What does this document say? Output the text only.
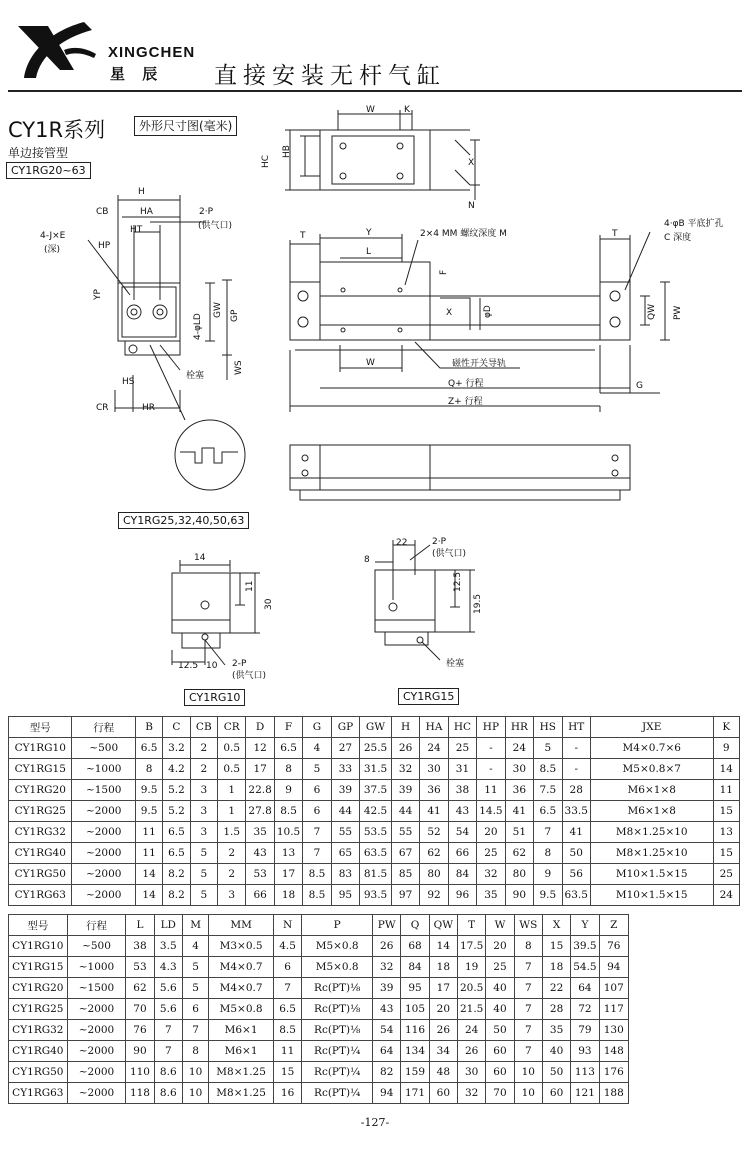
XINGCHEN
星 辰 直接安装无杆气缸
CY1R系列	外形尺寸图(毫米)
单边接管型
CY1RG20~63
H
CB	HA
HT
2·P
(供气口)
4-J×E
(深)	HP
YP
GW GP
4-φLD
WS
HS
CR	HR
栓塞
T	Y	2×4 MM 螺纹深度 M
L
F
X	φD
W
W	K
HC
HB
X
N
T
4·φB 平底扩孔
C 深度
QW PW
磁性开关导轨
Q+ 行程	G
Z+ 行程
14
11
30
12.5 10 2-P
(供气口)
22
8
12.5
19.5
2·P
(供气口)
栓塞
CY1RG25,32,40,50,63
CY1RG10	CY1RG15
型号	行程	B	C	CB	CR	D	F	G	GP	GW	H	HA	HC	HP	HR	HS	HT	JXE	K
CY1RG10	~500	6.5	3.2	2	0.5	12	6.5	4	27	25.5	26	24	25	-	24	5	-	M4×0.7×6	9
CY1RG15	~1000	8	4.2	2	0.5	17	8	5	33	31.5	32	30	31	-	30	8.5	-	M5×0.8×7	14
CY1RG20	~1500	9.5	5.2	3	1	22.8	9	6	39	37.5	39	36	38	11	36	7.5	28	M6×1×8	11
CY1RG25	~2000	9.5	5.2	3	1	27.8	8.5	6	44	42.5	44	41	43	14.5	41	6.5	33.5	M6×1×8	15
CY1RG32	~2000	11	6.5	3	1.5	35	10.5	7	55	53.5	55	52	54	20	51	7	41	M8×1.25×10	13
CY1RG40	~2000	11	6.5	5	2	43	13	7	65	63.5	67	62	66	25	62	8	50	M8×1.25×10	15
CY1RG50	~2000	14	8.2	5	2	53	17	8.5	83	81.5	85	80	84	32	80	9	56	M10×1.5×15	25
CY1RG63	~2000	14	8.2	5	3	66	18	8.5	95	93.5	97	92	96	35	90	9.5	63.5	M10×1.5×15	24
型号	行程	L	LD	M	MM	N	P	PW	Q	QW	T	W	WS	X	Y	Z
CY1RG10	~500	38	3.5	4	M3×0.5	4.5	M5×0.8	26	68	14	17.5	20	8	15	39.5	76
CY1RG15	~1000	53	4.3	5	M4×0.7	6	M5×0.8	32	84	18	19	25	7	18	54.5	94
CY1RG20	~1500	62	5.6	5	M4×0.7	7	Rc(PT)⅛	39	95	17	20.5	40	7	22	64	107
CY1RG25	~2000	70	5.6	6	M5×0.8	6.5	Rc(PT)⅛	43	105	20	21.5	40	7	28	72	117
CY1RG32	~2000	76	7	7	M6×1	8.5	Rc(PT)⅛	54	116	26	24	50	7	35	79	130
CY1RG40	~2000	90	7	8	M6×1	11	Rc(PT)¼	64	134	34	26	60	7	40	93	148
CY1RG50	~2000	110	8.6	10	M8×1.25	15	Rc(PT)¼	82	159	48	30	60	10	50	113	176
CY1RG63	~2000	118	8.6	10	M8×1.25	16	Rc(PT)¼	94	171	60	32	70	10	60	121	188
-127-
